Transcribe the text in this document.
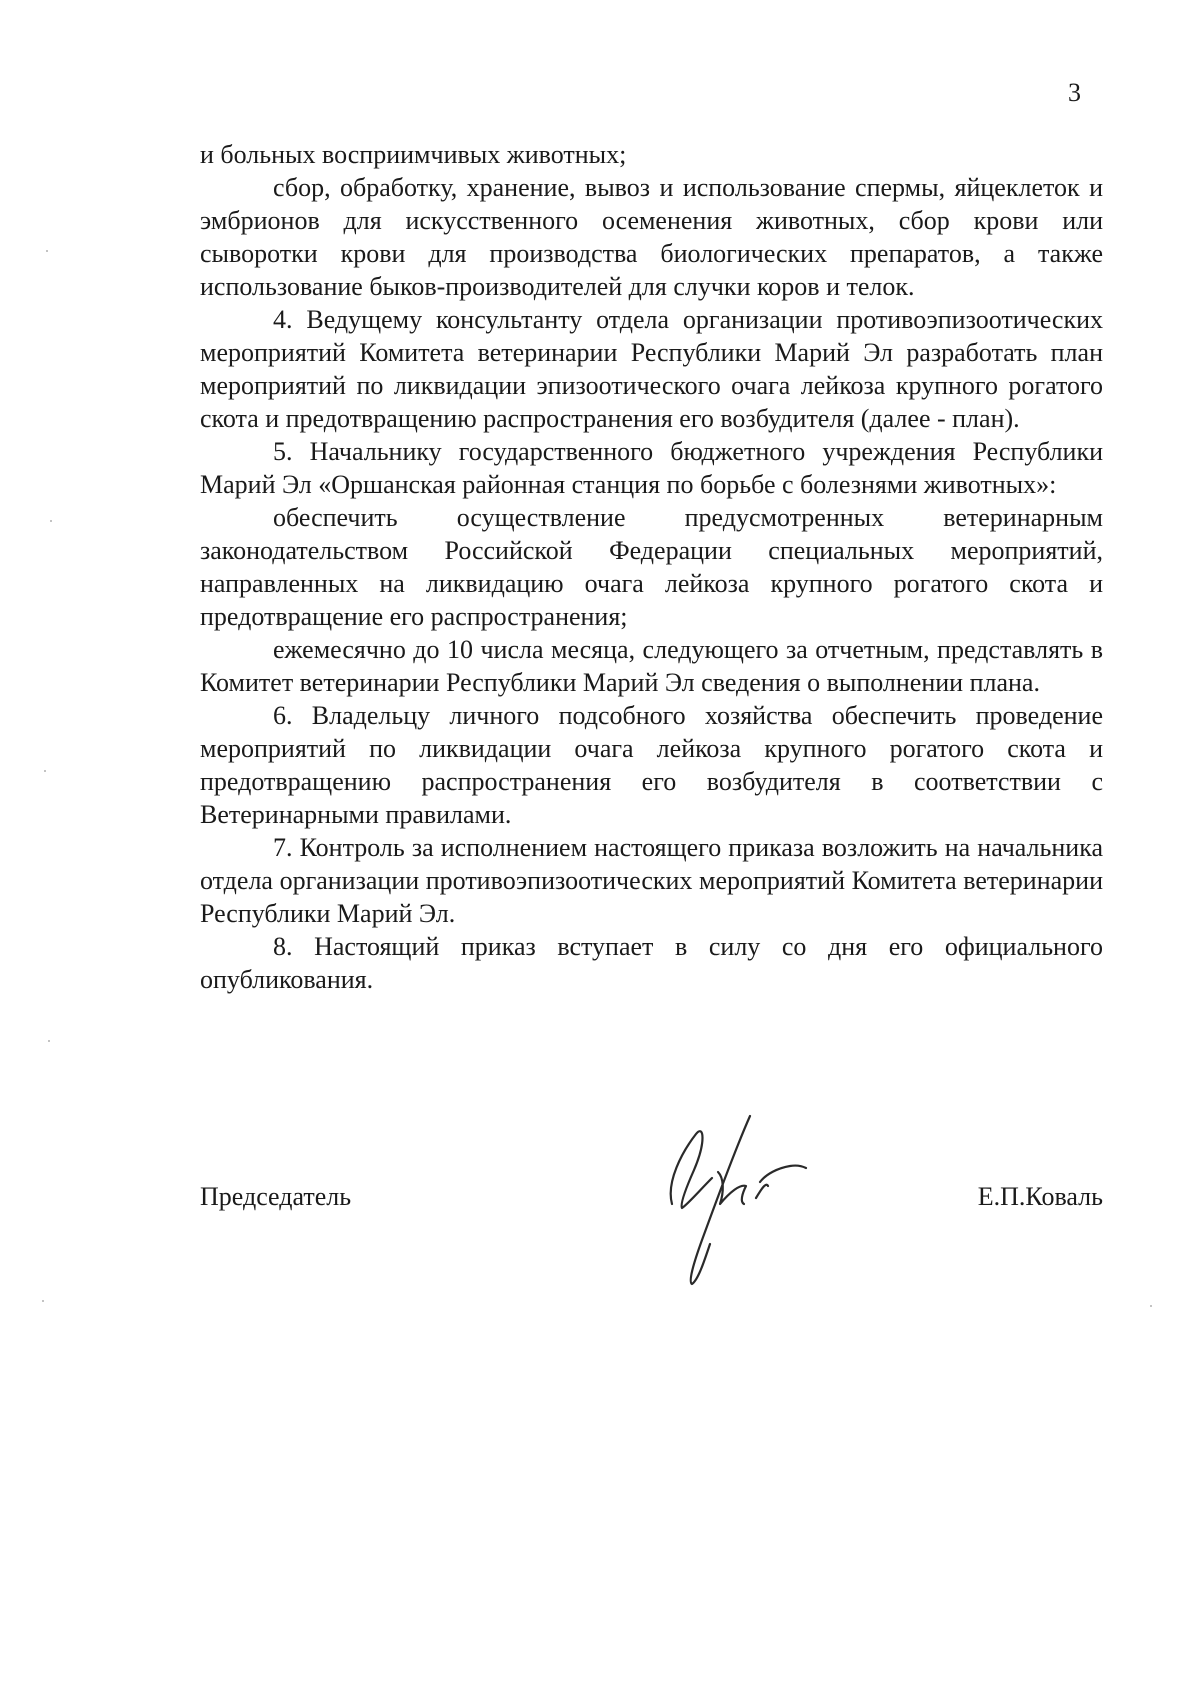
3

и больных восприимчивых животных;

сбор, обработку, хранение, вывоз и использование спермы, яйцеклеток и эмбрионов для искусственного осеменения животных, сбор крови или сыворотки крови для производства биологических препаратов, а также использование быков-производителей для случки коров и телок.

4. Ведущему консультанту отдела организации противоэпизоотических мероприятий Комитета ветеринарии Республики Марий Эл разработать план мероприятий по ликвидации эпизоотического очага лейкоза крупного рогатого скота и предотвращению распространения его возбудителя (далее - план).

5. Начальнику государственного бюджетного учреждения Республики Марий Эл «Оршанская районная станция по борьбе с болезнями животных»:

обеспечить осуществление предусмотренных ветеринарным законодательством Российской Федерации специальных мероприятий, направленных на ликвидацию очага лейкоза крупного рогатого скота и предотвращение его распространения;

ежемесячно до 10 числа месяца, следующего за отчетным, представлять в Комитет ветеринарии Республики Марий Эл сведения о выполнении плана.

6. Владельцу личного подсобного хозяйства обеспечить проведение мероприятий по ликвидации очага лейкоза крупного рогатого скота и предотвращению распространения его возбудителя в соответствии с Ветеринарными правилами.

7. Контроль за исполнением настоящего приказа возложить на начальника отдела организации противоэпизоотических мероприятий Комитета ветеринарии Республики Марий Эл.

8. Настоящий приказ вступает в силу со дня его официального опубликования.

Председатель	Е.П.Коваль
